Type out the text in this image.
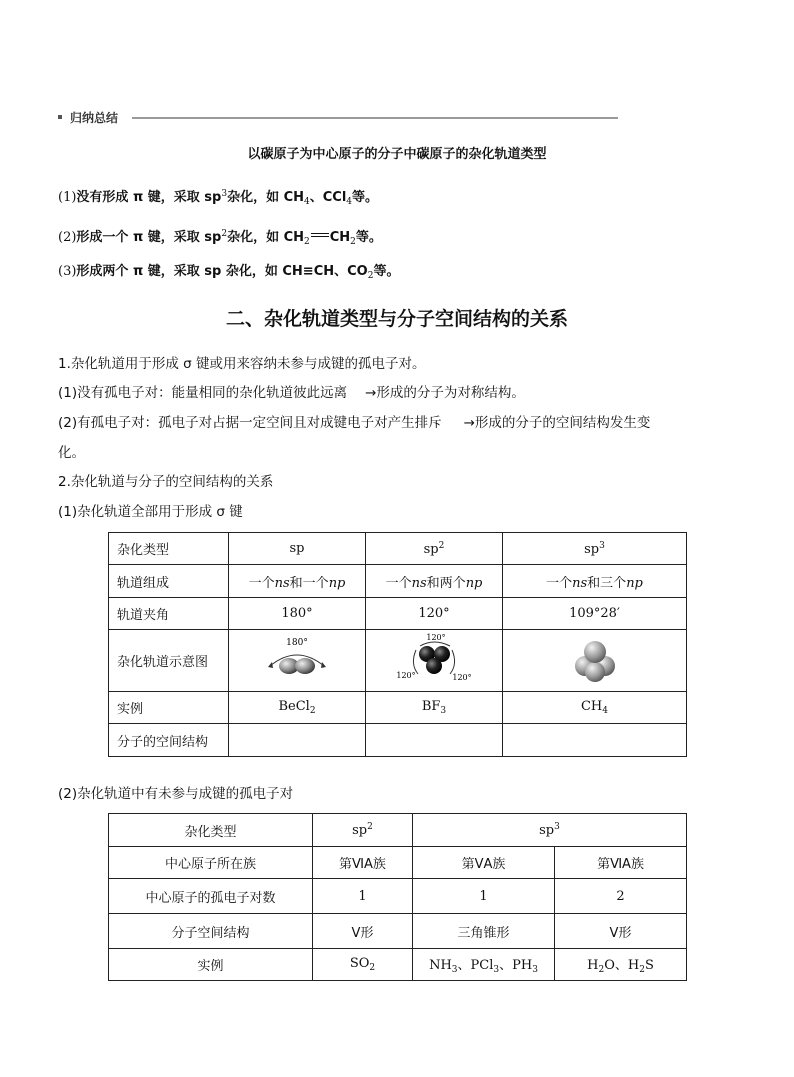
归纳总结
以碳原子为中心原子的分子中碳原子的杂化轨道类型
(1)没有形成 π 键，采取 $sp^3$杂化，如 $CH_4$、CCl$_4$等。
(2)形成一个 π 键，采取 $sp^2$杂化，如 $CH_2$ $CH_2$等。
(3)形成两个 π 键，采取 sp 杂化，如 CH≡CH、$CO_2$等。
二、杂化轨道类型与分子空间结构的关系
1.杂化轨道用于形成 σ 键或用来容纳未参与成键的孤电子对。
(1)没有孤电子对：能量相同的杂化轨道彼此远离 →形成的分子为对称结构。
(2)有孤电子对：孤电子对占据一定空间且对成键电子对产生排斥 →形成的分子的空间结构发生变
化。
2.杂化轨道与分子的空间结构的关系
(1)杂化轨道全部用于形成 σ 键
杂化类型	sp	$sp^2$	$sp^3$
轨道组成	一个ns和一个np	一个ns和两个np	一个ns和三个np
轨道夹角	180°	120°	109°28′
杂化轨道示意图	180°	120°
120° 120°

实例	BeCl$_2$	$BF_3$	$CH_4$
分子的空间结构			
(2)杂化轨道中有未参与成键的孤电子对
杂化类型	$sp^2$	$sp^3$
中心原子所在族	第ⅥA族	第ⅤA族	第ⅥA族
中心原子的孤电子对数	1	1	2
分子空间结构	V形	三角锥形	V形
实例	$SO_2$	$NH_3$、PCl$_3$、$PH_3$	$H_2O$、$H_2S$
